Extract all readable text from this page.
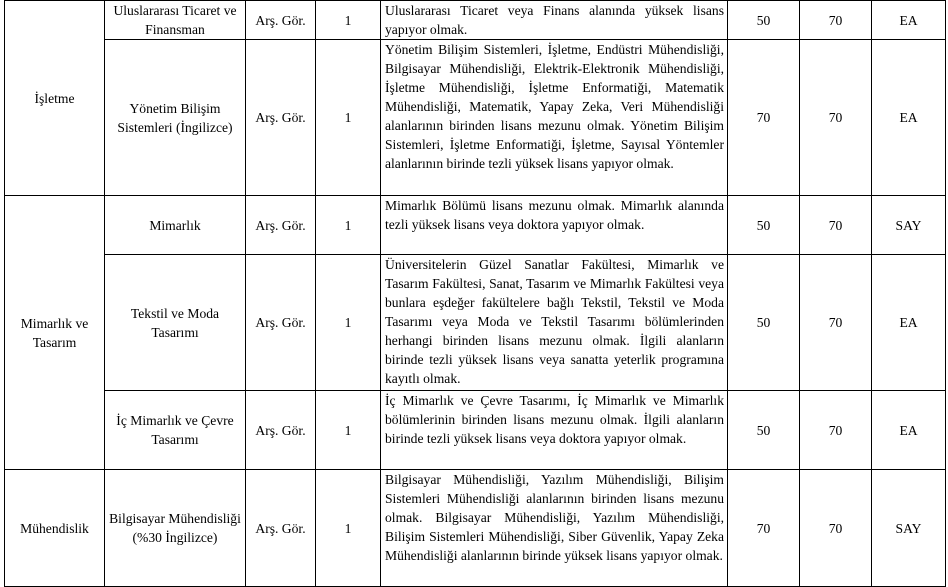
İşletme	Uluslararası Ticaret ve Finansman	Arş. Gör.	1	Uluslararası Ticaret veya Finans alanında yüksek lisans yapıyor olmak.	50	70	EA
	Yönetim Bilişim Sistemleri (İngilizce)	Arş. Gör.	1	Yönetim Bilişim Sistemleri, İşletme, Endüstri Mühendisliği, Bilgisayar Mühendisliği, Elektrik-Elektronik Mühendisliği, İşletme Mühendisliği, İşletme Enformatiği, Matematik Mühendisliği, Matematik, Yapay Zeka, Veri Mühendisliği alanlarının birinden lisans mezunu olmak. Yönetim Bilişim Sistemleri, İşletme Enformatiği, İşletme, Sayısal Yöntemler alanlarının birinde tezli yüksek lisans yapıyor olmak.	70	70	EA
Mimarlık ve Tasarım	Mimarlık	Arş. Gör.	1	Mimarlık Bölümü lisans mezunu olmak. Mimarlık alanında tezli yüksek lisans veya doktora yapıyor olmak.	50	70	SAY
	Tekstil ve Moda Tasarımı	Arş. Gör.	1	Üniversitelerin Güzel Sanatlar Fakültesi, Mimarlık ve Tasarım Fakültesi, Sanat, Tasarım ve Mimarlık Fakültesi veya bunlara eşdeğer fakültelere bağlı Tekstil, Tekstil ve Moda Tasarımı veya Moda ve Tekstil Tasarımı bölümlerinden herhangi birinden lisans mezunu olmak. İlgili alanların birinde tezli yüksek lisans veya sanatta yeterlik programına kayıtlı olmak.	50	70	EA
	İç Mimarlık ve Çevre Tasarımı	Arş. Gör.	1	İç Mimarlık ve Çevre Tasarımı, İç Mimarlık ve Mimarlık bölümlerinin birinden lisans mezunu olmak. İlgili alanların birinde tezli yüksek lisans veya doktora yapıyor olmak.	50	70	EA
Mühendislik	Bilgisayar Mühendisliği (%30 İngilizce)	Arş. Gör.	1	Bilgisayar Mühendisliği, Yazılım Mühendisliği, Bilişim Sistemleri Mühendisliği alanlarının birinden lisans mezunu olmak. Bilgisayar Mühendisliği, Yazılım Mühendisliği, Bilişim Sistemleri Mühendisliği, Siber Güvenlik, Yapay Zeka Mühendisliği alanlarının birinde yüksek lisans yapıyor olmak.	70	70	SAY
